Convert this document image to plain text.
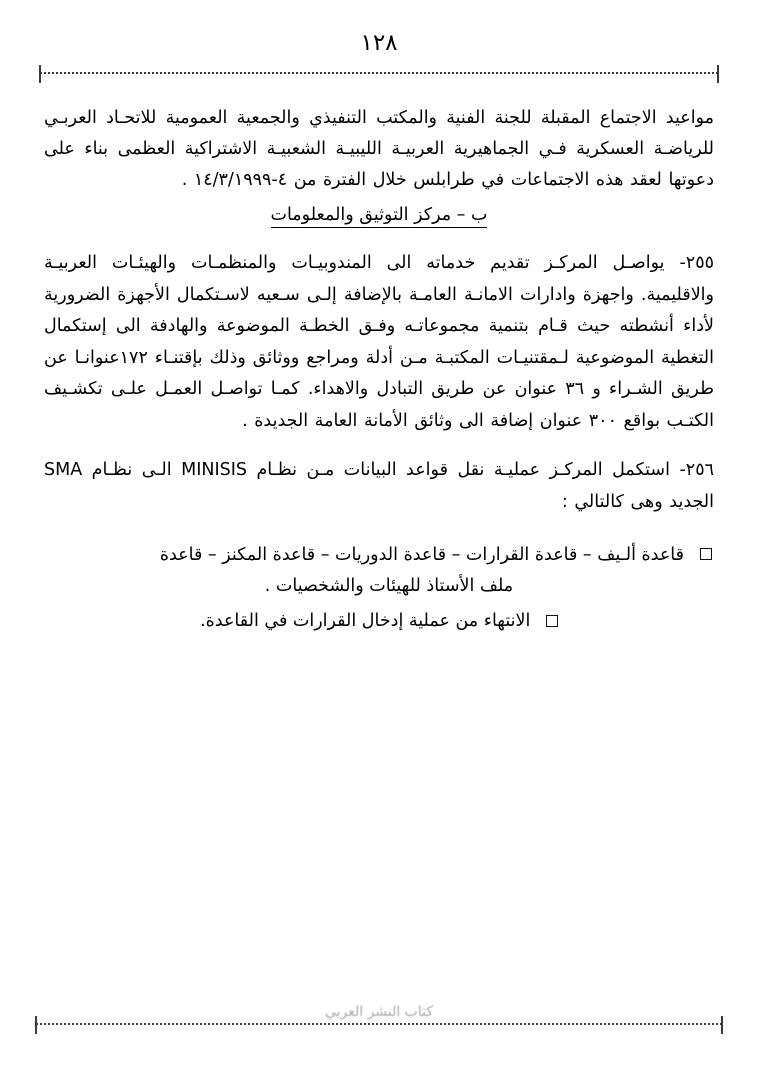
١٢٨

مواعيد الاجتماع المقبلة للجنة الفنية والمكتب التنفيذي والجمعية العمومية للاتحـاد العربـي للرياضـة العسكرية فـي الجماهيرية العربيـة الليبيـة الشعبيـة الاشتراكية العظمى بناء على دعوتها لعقد هذه الاجتماعات في طرابلس خلال الفترة من ٤-١٤/٣/١٩٩٩ .

ب – مركز التوثيق والمعلومات
٢٥٥- يواصـل المركـز تقديم خدماته الى المندوبيـات والمنظمـات والهيئـات العربيـة والاقليمية. واجهزة وادارات الامانـة العامـة بالإضافة إلـى سـعيه لاسـتكمال الأجهزة الضرورية لأداء أنشطته حيث قـام بتنمية مجموعاتـه وفـق الخطـة الموضوعة والهادفة الى إستكمال التغطية الموضوعية لـمقتنيـات المكتبـة مـن أدلة ومراجع ووثائق وذلك بإقتنـاء ١٧٢عنوانـا عن طريق الشـراء و ٣٦ عنوان عن طريق التبادل والاهداء. كمـا تواصـل العمـل علـى تكشـيف الكتـب بواقع ٣٠٠ عنوان إضافة الى وثائق الأمانة العامة الجديدة .
٢٥٦- استكمل المركـز عمليـة نقل قواعد البيانات مـن نظـام MINISIS الـى نظـام SMA الجديد وهى كالتالي :
قاعدة ألـيف – قاعدة القرارات – قاعدة الدوريات – قاعدة المكنز – قاعدة
ملف الأستاذ للهيئات والشخصيات .
الانتهاء من عملية إدخال القرارات في القاعدة.
كتاب النشر العربي
